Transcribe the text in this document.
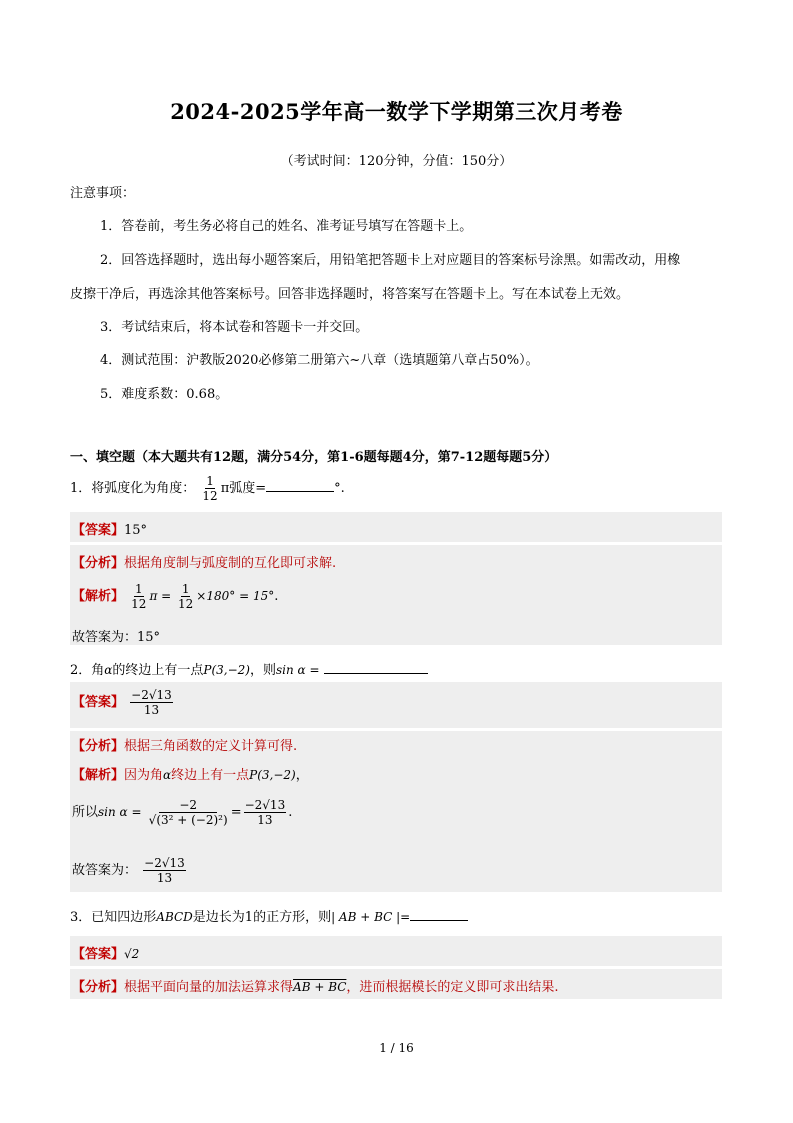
2024-2025学年高一数学下学期第三次月考卷
（考试时间：120分钟，分值：150分）
注意事项：
1．答卷前，考生务必将自己的姓名、准考证号填写在答题卡上。
2．回答选择题时，选出每小题答案后，用铅笔把答题卡上对应题目的答案标号涂黑。如需改动，用橡
皮擦干净后，再选涂其他答案标号。回答非选择题时，将答案写在答题卡上。写在本试卷上无效。
3．考试结束后，将本试卷和答题卡一并交回。
4．测试范围：沪教版2020必修第二册第六~八章（选填题第八章占50%）。
5．难度系数：0.68。
一、填空题（本大题共有12题，满分54分，第1-6题每题4分，第7-12题每题5分）
1．将弧度化为角度： $\frac{1}{12}$ π弧度=	°.
【答案】15°
【分析】根据角度制与弧度制的互化即可求解.
【解析】 $\frac{1}{12}$ $\pi = \frac{1}{12} \times 180^\circ = 15^\circ$.
故答案为：15°
2．角α的终边上有一点P(3,−2)，则sin α =
【答案】 $\frac{-2√13}{13}$
【分析】根据三角函数的定义计算可得.
【解析】因为角α终边上有一点P(3,−2)，
所以$\sin \alpha = \frac{-2}{\text{√(3² + (−2)²)}} = \frac{-2√13}{13}$ .
故答案为： $\frac{-2√13}{13}$
3．已知四边形ABCD是边长为1的正方形，则| AB + BC |=
【答案】√2
【分析】根据平面向量的加法运算求得AB + BC，进而根据模长的定义即可求出结果.
1 / 16
